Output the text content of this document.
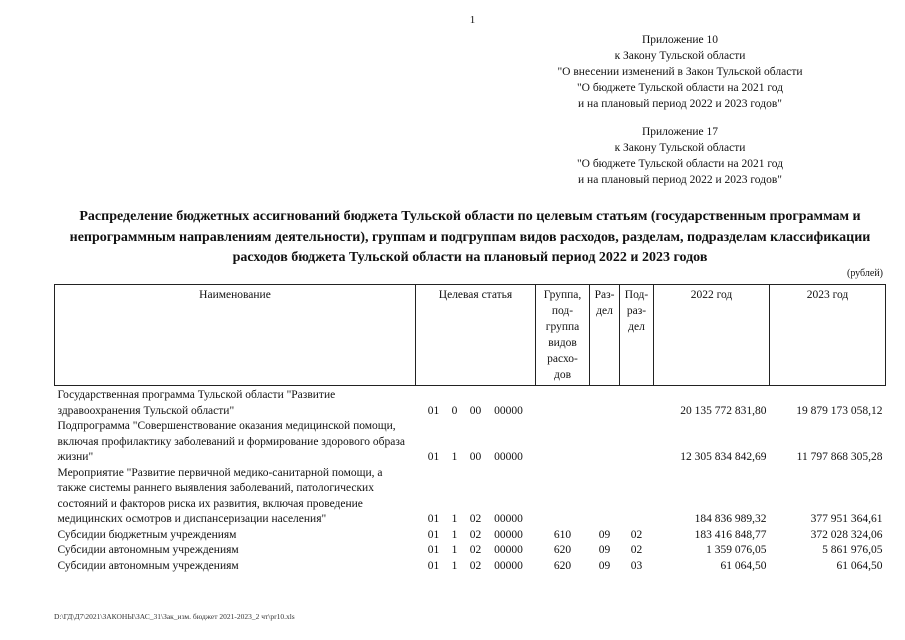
1
Приложение 10
к Закону Тульской области
"О внесении изменений в Закон Тульской области
"О бюджете Тульской области на 2021 год
и на плановый период 2022 и 2023 годов"
Приложение 17
к Закону Тульской области
"О бюджете Тульской области на 2021 год
и на плановый период 2022 и 2023 годов"
Распределение бюджетных ассигнований бюджета Тульской области по целевым статьям (государственным программам и непрограммным направлениям деятельности), группам и подгруппам видов расходов, разделам, подразделам классификации расходов бюджета Тульской области на плановый период 2022 и 2023 годов
(рублей)
Наименование	Целевая статья	Группа, под- группа видов расхо- дов	Раз- дел	Под- раз- дел	2022 год	2023 год
Государственная программа Тульской области "Развитие здравоохранения Тульской области"	01 0 00 00000				20 135 772 831,80	19 879 173 058,12
Подпрограмма "Совершенствование оказания медицинской помощи, включая профилактику заболеваний и формирование здорового образа жизни"	01 1 00 00000				12 305 834 842,69	11 797 868 305,28
Мероприятие "Развитие первичной медико-санитарной помощи, а также системы раннего выявления заболеваний, патологических состояний и факторов риска их развития, включая проведение медицинских осмотров и диспансеризации населения"	01 1 02 00000				184 836 989,32	377 951 364,61
Субсидии бюджетным учреждениям	01 1 02 00000	610	09	02	183 416 848,77	372 028 324,06
Субсидии автономным учреждениям	01 1 02 00000	620	09	02	1 359 076,05	5 861 976,05
Субсидии автономным учреждениям	01 1 02 00000	620	09	03	61 064,50	61 064,50
D:\ГД\Д7\2021\ЗАКОНЫ\ЗАС_31\Зак_изм. бюджет 2021-2023_2 чт\pr10.xls
